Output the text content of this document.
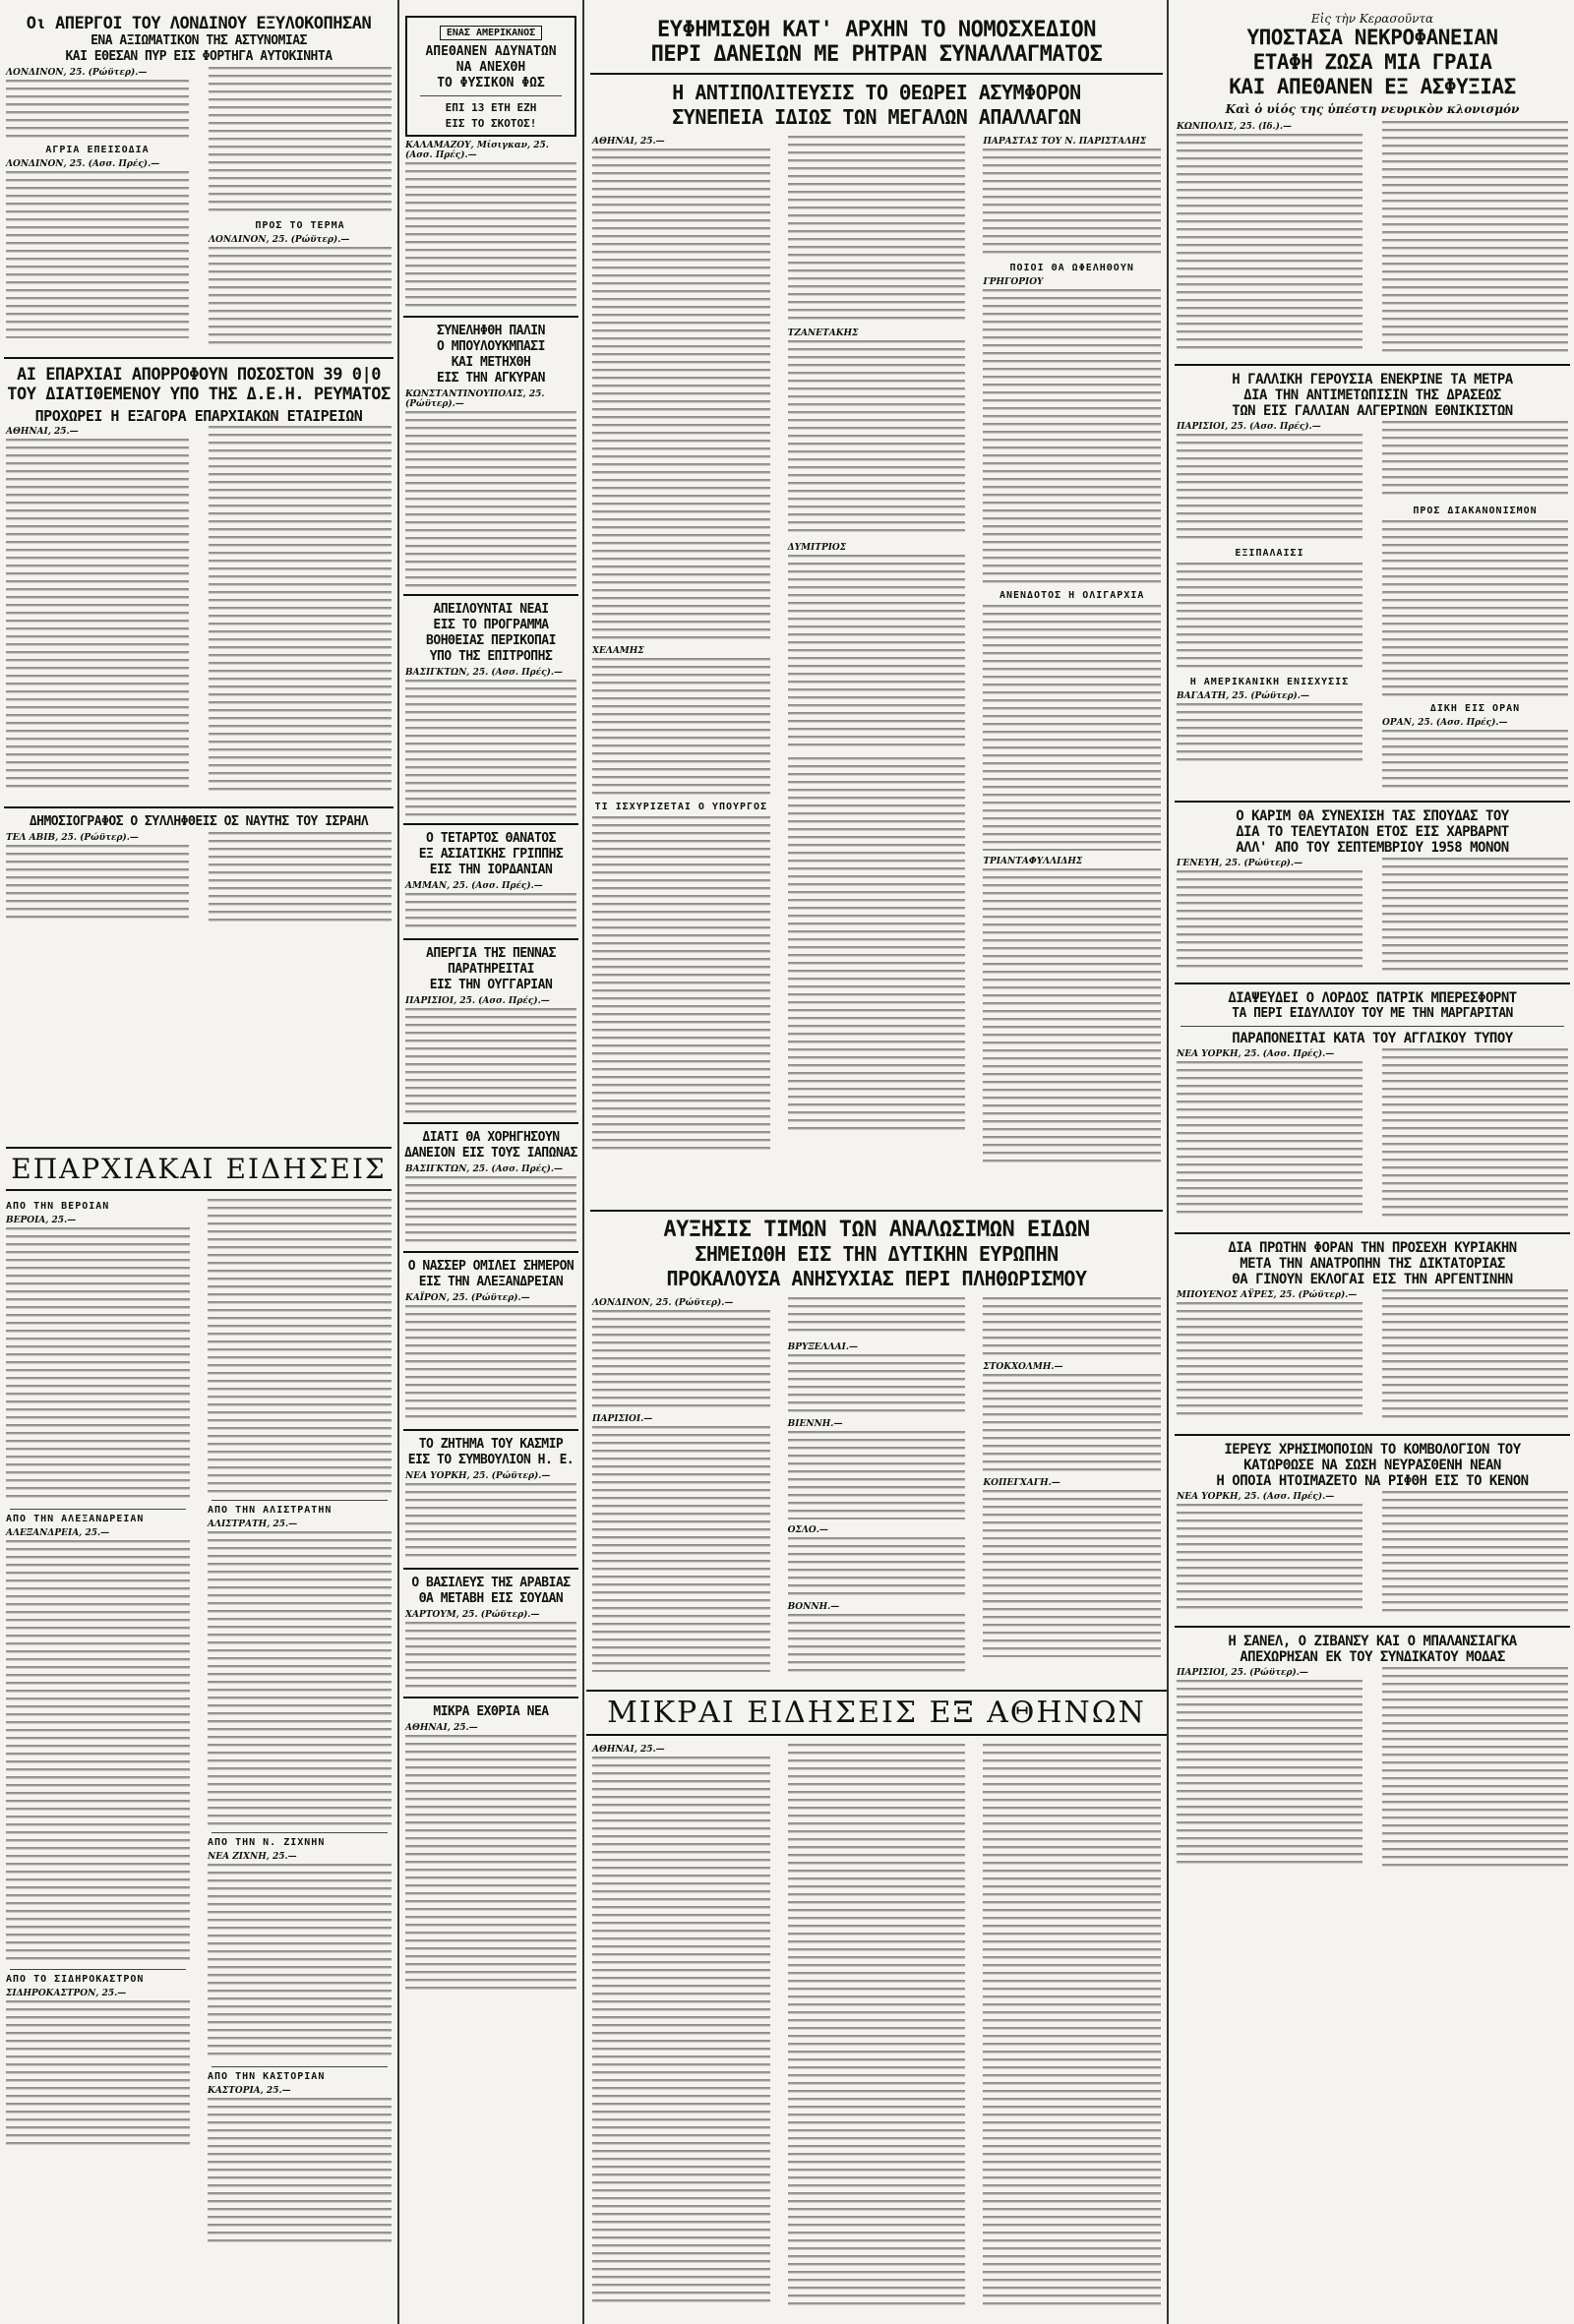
Οι ΑΠΕΡΓΟΙ ΤΟΥ ΛΟΝΔΙΝΟΥ ΕΞΥΛΟΚΟΠΗΣΑΝ
ΕΝΑ ΑΞΙΩΜΑΤΙΚΟΝ ΤΗΣ ΑΣΤΥΝΟΜΙΑΣ
ΚΑΙ ΕΘΕΣΑΝ ΠΥΡ ΕΙΣ ΦΟΡΤΗΓΑ ΑΥΤΟΚΙΝΗΤΑ
ΛΟΝΔΙΝΟΝ, 25. (Ρώϋτερ).—
ΑΓΡΙΑ ΕΠΕΙΣΟΔΙΑ
ΛΟΝΔΙΝΟΝ, 25. (Ασσ. Πρές).—
ΠΡΟΣ ΤΟ ΤΕΡΜΑ
ΛΟΝΔΙΝΟΝ, 25. (Ρώϋτερ).—
ΑΙ ΕΠΑΡΧΙΑΙ ΑΠΟΡΡΟΦΟΥΝ ΠΟΣΟΣΤΟΝ 39 0|0
ΤΟΥ ΔΙΑΤΙΘΕΜΕΝΟΥ ΥΠΟ ΤΗΣ Δ.Ε.Η. ΡΕΥΜΑΤΟΣ
ΠΡΟΧΩΡΕΙ Η ΕΞΑΓΟΡΑ ΕΠΑΡΧΙΑΚΩΝ ΕΤΑΙΡΕΙΩΝ
ΑΘΗΝΑΙ, 25.—
ΔΗΜΟΣΙΟΓΡΑΦΟΣ Ο ΣΥΛΛΗΦΘΕΙΣ ΟΣ ΝΑΥΤΗΣ ΤΟΥ ΙΣΡΑΗΛ
ΤΕΛ ΑΒΙΒ, 25. (Ρώϋτερ).—
ΕΠΑΡΧΙΑΚΑΙ ΕΙΔΗΣΕΙΣ
ΑΠΟ ΤΗΝ ΒΕΡΟΙΑΝ
ΒΕΡΟΙΑ, 25.—
ΑΠΟ ΤΗΝ ΑΛΕΞΑΝΔΡΕΙΑΝ
ΑΛΕΞΑΝΔΡΕΙΑ, 25.—
ΑΠΟ ΤΟ ΣΙΔΗΡΟΚΑΣΤΡΟΝ
ΣΙΔΗΡΟΚΑΣΤΡΟΝ, 25.—
ΑΠΟ ΤΗΝ ΑΛΙΣΤΡΑΤΗΝ
ΑΛΙΣΤΡΑΤΗ, 25.—
ΑΠΟ ΤΗΝ Ν. ΖΙΧΝΗΝ
ΝΕΑ ΖΙΧΝΗ, 25.—
ΑΠΟ ΤΗΝ ΚΑΣΤΟΡΙΑΝ
ΚΑΣΤΟΡΙΑ, 25.—
ΕΝΑΣ ΑΜΕΡΙΚΑΝΟΣ
ΑΠΕΘΑΝΕΝ ΑΔΥΝΑΤΩΝ
ΝΑ ΑΝΕΧΘΗ
ΤΟ ΦΥΣΙΚΟΝ ΦΩΣ
ΕΠΙ 13 ΕΤΗ ΕΖΗ
ΕΙΣ ΤΟ ΣΚΟΤΟΣ!
ΚΑΛΑΜΑΖΟΥ, Μίσιγκαν, 25. (Ασσ. Πρές).—
ΣΥΝΕΛΗΦΘΗ ΠΑΛΙΝ
Ο ΜΠΟΥΛΟΥΚΜΠΑΣΙ
ΚΑΙ ΜΕΤΗΧΘΗ
ΕΙΣ ΤΗΝ ΑΓΚΥΡΑΝ
ΚΩΝΣΤΑΝΤΙΝΟΥΠΟΛΙΣ, 25. (Ρώϋτερ).—
ΑΠΕΙΛΟΥΝΤΑΙ ΝΕΑΙ
ΕΙΣ ΤΟ ΠΡΟΓΡΑΜΜΑ
ΒΟΗΘΕΙΑΣ ΠΕΡΙΚΟΠΑΙ
ΥΠΟ ΤΗΣ ΕΠΙΤΡΟΠΗΣ
ΒΑΣΙΓΚΤΩΝ, 25. (Ασσ. Πρές).—
Ο ΤΕΤΑΡΤΟΣ ΘΑΝΑΤΟΣ
ΕΞ ΑΣΙΑΤΙΚΗΣ ΓΡΙΠΠΗΣ
ΕΙΣ ΤΗΝ ΙΟΡΔΑΝΙΑΝ
ΑΜΜΑΝ, 25. (Ασσ. Πρές).—
ΑΠΕΡΓΙΑ ΤΗΣ ΠΕΝΝΑΣ
ΠΑΡΑΤΗΡΕΙΤΑΙ
ΕΙΣ ΤΗΝ ΟΥΓΓΑΡΙΑΝ
ΠΑΡΙΣΙΟΙ, 25. (Ασσ. Πρές).—
ΔΙΑΤΙ ΘΑ ΧΟΡΗΓΗΣΟΥΝ ΔΑΝΕΙΟΝ ΕΙΣ ΤΟΥΣ ΙΑΠΩΝΑΣ
ΒΑΣΙΓΚΤΩΝ, 25. (Ασσ. Πρές).—
Ο ΝΑΣΣΕΡ ΟΜΙΛΕΙ ΣΗΜΕΡΟΝ
ΕΙΣ ΤΗΝ ΑΛΕΞΑΝΔΡΕΙΑΝ
ΚΑΪΡΟΝ, 25. (Ρώϋτερ).—
ΤΟ ΖΗΤΗΜΑ ΤΟΥ ΚΑΣΜΙΡ
ΕΙΣ ΤΟ ΣΥΜΒΟΥΛΙΟΝ Η. Ε.
ΝΕΑ ΥΟΡΚΗ, 25. (Ρώϋτερ).—
Ο ΒΑΣΙΛΕΥΣ ΤΗΣ ΑΡΑΒΙΑΣ
ΘΑ ΜΕΤΑΒΗ ΕΙΣ ΣΟΥΔΑΝ
ΧΑΡΤΟΥΜ, 25. (Ρώϋτερ).—
ΜΙΚΡΑ ΕΧΘΡΙΑ ΝΕΑ
ΑΘΗΝΑΙ, 25.—
ΕΥΦΗΜΙΣΘΗ ΚΑΤ' ΑΡΧΗΝ ΤΟ ΝΟΜΟΣΧΕΔΙΟΝ
ΠΕΡΙ ΔΑΝΕΙΩΝ ΜΕ ΡΗΤΡΑΝ ΣΥΝΑΛΛΑΓΜΑΤΟΣ
Η ΑΝΤΙΠΟΛΙΤΕΥΣΙΣ ΤΟ ΘΕΩΡΕΙ ΑΣΥΜΦΟΡΟΝ
ΣΥΝΕΠΕΙΑ ΙΔΙΩΣ ΤΩΝ ΜΕΓΑΛΩΝ ΑΠΑΛΛΑΓΩΝ
ΑΘΗΝΑΙ, 25.—
ΧΕΛΑΜΗΣ
ΤΙ ΙΣΧΥΡΙΖΕΤΑΙ Ο ΥΠΟΥΡΓΟΣ
ΤΖΑΝΕΤΑΚΗΣ
ΔΥΜΙΤΡΙΟΣ
ΠΑΡΑΣΤΑΣ ΤΟΥ Ν. ΠΑΡΙΣΤΑΛΗΣ
ΠΟΙΟΙ ΘΑ ΩΦΕΛΗΘΟΥΝ
ΓΡΗΓΟΡΙΟΥ
ΑΝΕΝΔΟΤΟΣ Η ΟΛΙΓΑΡΧΙΑ
ΤΡΙΑΝΤΑΦΥΛΛΙΔΗΣ
ΑΥΞΗΣΙΣ ΤΙΜΩΝ ΤΩΝ ΑΝΑΛΩΣΙΜΩΝ ΕΙΔΩΝ
ΣΗΜΕΙΩΘΗ ΕΙΣ ΤΗΝ ΔΥΤΙΚΗΝ ΕΥΡΩΠΗΝ
ΠΡΟΚΑΛΟΥΣΑ ΑΝΗΣΥΧΙΑΣ ΠΕΡΙ ΠΛΗΘΩΡΙΣΜΟΥ
ΛΟΝΔΙΝΟΝ, 25. (Ρώϋτερ).—
ΠΑΡΙΣΙΟΙ.—
ΒΡΥΞΕΛΛΑΙ.—
ΒΙΕΝΝΗ.—
ΟΣΛΟ.—
ΒΟΝΝΗ.—
ΣΤΟΚΧΟΛΜΗ.—
ΚΟΠΕΓΧΑΓΗ.—
ΜΙΚΡΑΙ ΕΙΔΗΣΕΙΣ ΕΞ ΑΘΗΝΩΝ
ΑΘΗΝΑΙ, 25.—
Εἰς τὴν Κερασοῦντα
ΥΠΟΣΤΑΣΑ ΝΕΚΡΟΦΑΝΕΙΑΝ
ΕΤΑΦΗ ΖΩΣΑ ΜΙΑ ΓΡΑΙΑ
ΚΑΙ ΑΠΕΘΑΝΕΝ ΕΞ ΑΣΦΥΞΙΑΣ
Καὶ ὁ υἱός της ὑπέστη νευρικὸν κλονισμόν
ΚΩΝΠΟΛΙΣ, 25. (Ιδ.).—
Η ΓΑΛΛΙΚΗ ΓΕΡΟΥΣΙΑ ΕΝΕΚΡΙΝΕ ΤΑ ΜΕΤΡΑ
ΔΙΑ ΤΗΝ ΑΝΤΙΜΕΤΩΠΙΣΙΝ ΤΗΣ ΔΡΑΣΕΩΣ
ΤΩΝ ΕΙΣ ΓΑΛΛΙΑΝ ΑΛΓΕΡΙΝΩΝ ΕΘΝΙΚΙΣΤΩΝ
ΠΑΡΙΣΙΟΙ, 25. (Ασσ. Πρές).—
ΕΞΙΠΑΛΑΙΣΙ
Η ΑΜΕΡΙΚΑΝΙΚΗ ΕΝΙΣΧΥΣΙΣ
ΒΑΓΔΑΤΗ, 25. (Ρώϋτερ).—
ΠΡΟΣ ΔΙΑΚΑΝΟΝΙΣΜΟΝ
ΔΙΚΗ ΕΙΣ ΟΡΑΝ
ΟΡΑΝ, 25. (Ασσ. Πρές).—
Ο ΚΑΡΙΜ ΘΑ ΣΥΝΕΧΙΣΗ ΤΑΣ ΣΠΟΥΔΑΣ ΤΟΥ
ΔΙΑ ΤΟ ΤΕΛΕΥΤΑΙΟΝ ΕΤΟΣ ΕΙΣ ΧΑΡΒΑΡΝΤ
ΑΛΛ' ΑΠΟ ΤΟΥ ΣΕΠΤΕΜΒΡΙΟΥ 1958 ΜΟΝΟΝ
ΓΕΝΕΥΗ, 25. (Ρώϋτερ).—
ΔΙΑΨΕΥΔΕΙ Ο ΛΟΡΔΟΣ ΠΑΤΡΙΚ ΜΠΕΡΕΣΦΟΡΝΤ
ΤΑ ΠΕΡΙ ΕΙΔΥΛΛΙΟΥ ΤΟΥ ΜΕ ΤΗΝ ΜΑΡΓΑΡΙΤΑΝ
ΠΑΡΑΠΟΝΕΙΤΑΙ ΚΑΤΑ ΤΟΥ ΑΓΓΛΙΚΟΥ ΤΥΠΟΥ
ΝΕΑ ΥΟΡΚΗ, 25. (Ασσ. Πρές).—
ΔΙΑ ΠΡΩΤΗΝ ΦΟΡΑΝ ΤΗΝ ΠΡΟΣΕΧΗ ΚΥΡΙΑΚΗΝ
ΜΕΤΑ ΤΗΝ ΑΝΑΤΡΟΠΗΝ ΤΗΣ ΔΙΚΤΑΤΟΡΙΑΣ
ΘΑ ΓΙΝΟΥΝ ΕΚΛΟΓΑΙ ΕΙΣ ΤΗΝ ΑΡΓΕΝΤΙΝΗΝ
ΜΠΟΥΕΝΟΣ ΑΫΡΕΣ, 25. (Ρώϋτερ).—
ΙΕΡΕΥΣ ΧΡΗΣΙΜΟΠΟΙΩΝ ΤΟ ΚΟΜΒΟΛΟΓΙΟΝ ΤΟΥ
ΚΑΤΩΡΘΩΣΕ ΝΑ ΣΩΣΗ ΝΕΥΡΑΣΘΕΝΗ ΝΕΑΝ
Η ΟΠΟΙΑ ΗΤΟΙΜΑΖΕΤΟ ΝΑ ΡΙΦΘΗ ΕΙΣ ΤΟ ΚΕΝΟΝ
ΝΕΑ ΥΟΡΚΗ, 25. (Ασσ. Πρές).—
Η ΣΑΝΕΛ, Ο ΖΙΒΑΝΣΥ ΚΑΙ Ο ΜΠΑΛΑΝΣΙΑΓΚΑ
ΑΠΕΧΩΡΗΣΑΝ ΕΚ ΤΟΥ ΣΥΝΔΙΚΑΤΟΥ ΜΟΔΑΣ
ΠΑΡΙΣΙΟΙ, 25. (Ρώϋτερ).—
